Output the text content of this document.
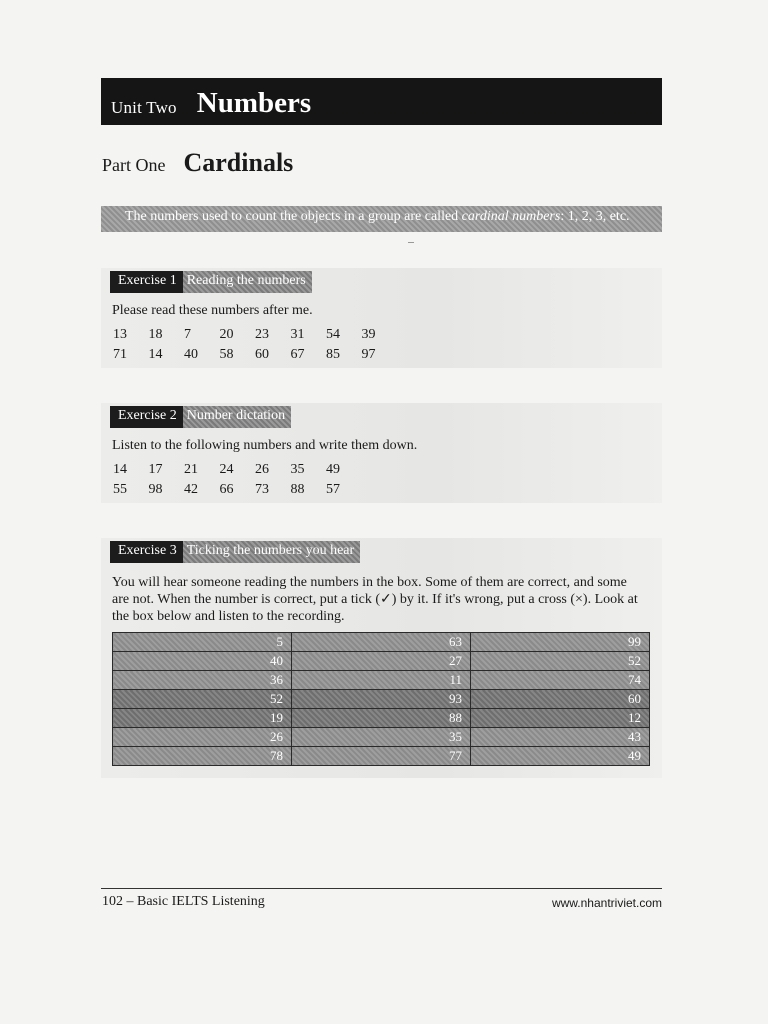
Unit Two Numbers
Part One Cardinals
The numbers used to count the objects in a group are called cardinal numbers: 1, 2, 3, etc.
Exercise 1 Reading the numbers
Please read these numbers after me.
13	18	7	20	23	31	54	39
71	14	40	58	60	67	85	97
Exercise 2 Number dictation
Listen to the following numbers and write them down.
14	17	21	24	26	35	49
55	98	42	66	73	88	57
Exercise 3 Ticking the numbers you hear
You will hear someone reading the numbers in the box. Some of them are correct, and some
are not. When the number is correct, put a tick (✓) by it. If it's wrong, put a cross (×). Look at
the box below and listen to the recording.
5	63	99
40	27	52
36	11	74
52	93	60
19	88	12
26	35	43
78	77	49
102 – Basic IELTS Listening	www.nhantriviet.com
